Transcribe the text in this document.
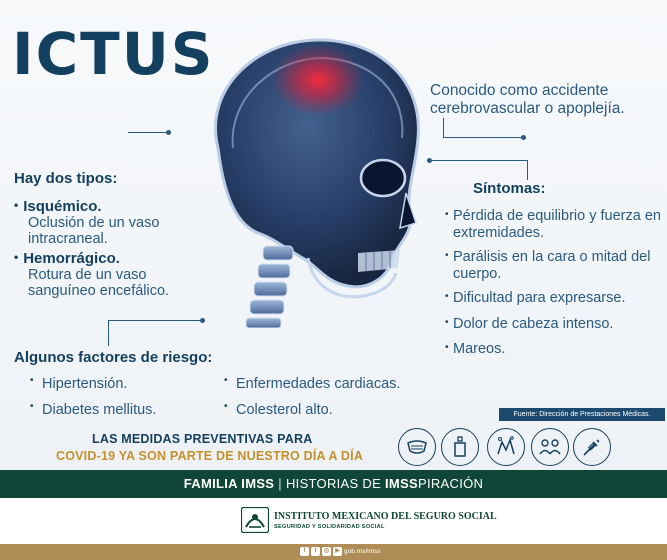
ICTUS
Conocido como accidente cerebrovascular o apoplejía.
Hay dos tipos:
• Isquémico.
Oclusión de un vaso intracraneal.
• Hemorrágico.
Rotura de un vaso sanguíneo encefálico.
Síntomas:
• Pérdida de equilibrio y fuerza en extremidades.
• Parálisis en la cara o mitad del cuerpo.
• Dificultad para expresarse.
• Dolor de cabeza intenso.
• Mareos.
Algunos factores de riesgo:
• Hipertensión.
• Diabetes mellitus.
• Enfermedades cardiacas.
• Colesterol alto.	Fuente: Dirección de Prestaciones Médicas.
LAS MEDIDAS PREVENTIVAS PARA
COVID-19 YA SON PARTE DE NUESTRO DÍA A DÍA
FAMILIA IMSS | HISTORIAS DE IMSSPIRACIÓN
INSTITUTO MEXICANO DEL SEGURO SOCIAL
SEGURIDAD Y SOLIDARIDAD SOCIAL
f	t	◎	▶ gob.mx/imss
